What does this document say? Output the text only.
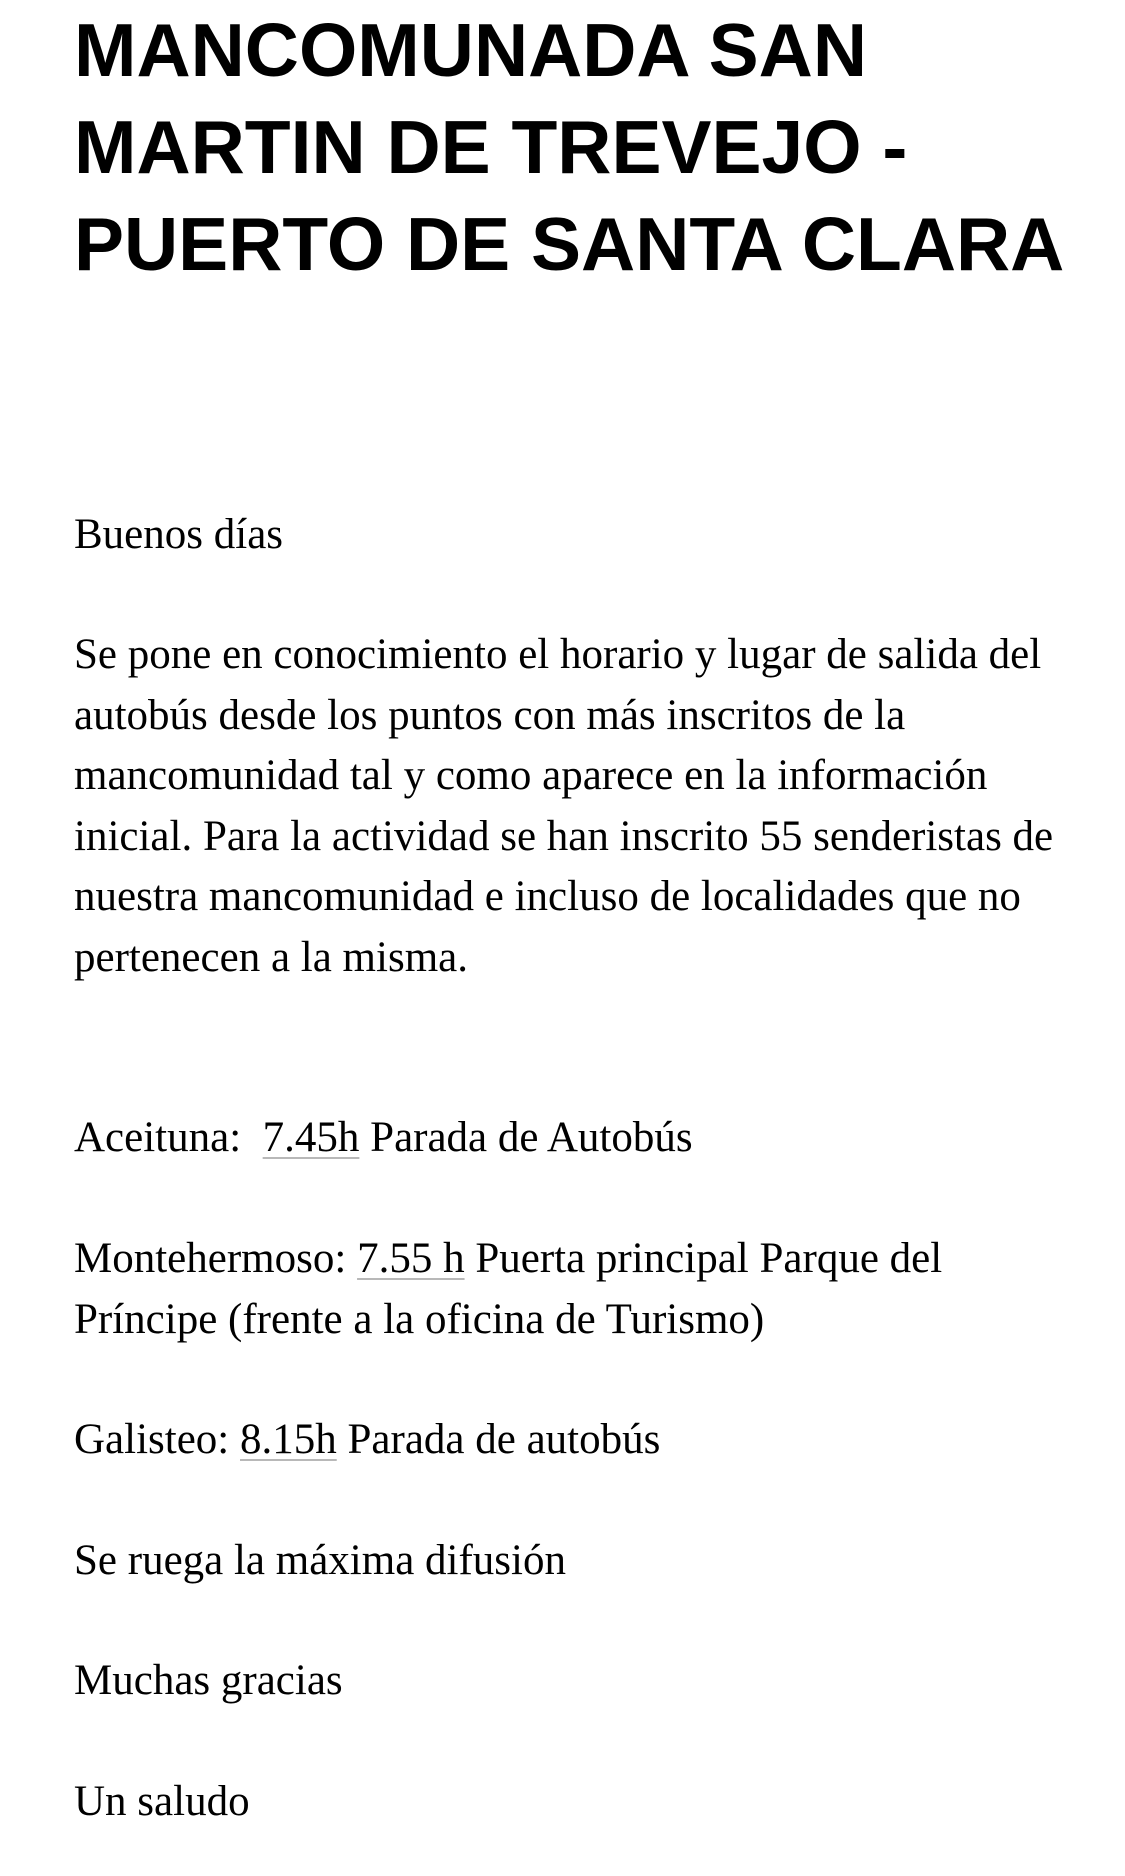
MANCOMUNADA SAN MARTIN DE TREVEJO - PUERTO DE SANTA CLARA

Buenos días

Se pone en conocimiento el horario y lugar de salida del autobús desde los puntos con más inscritos de la mancomunidad tal y como aparece en la información inicial. Para la actividad se han inscrito 55 senderistas de nuestra mancomunidad e incluso de localidades que no pertenecen a la misma.

Aceituna: 7.45h Parada de Autobús

Montehermoso: 7.55 h Puerta principal Parque del Príncipe (frente a la oficina de Turismo)

Galisteo: 8.15h Parada de autobús

Se ruega la máxima difusión

Muchas gracias

Un saludo
